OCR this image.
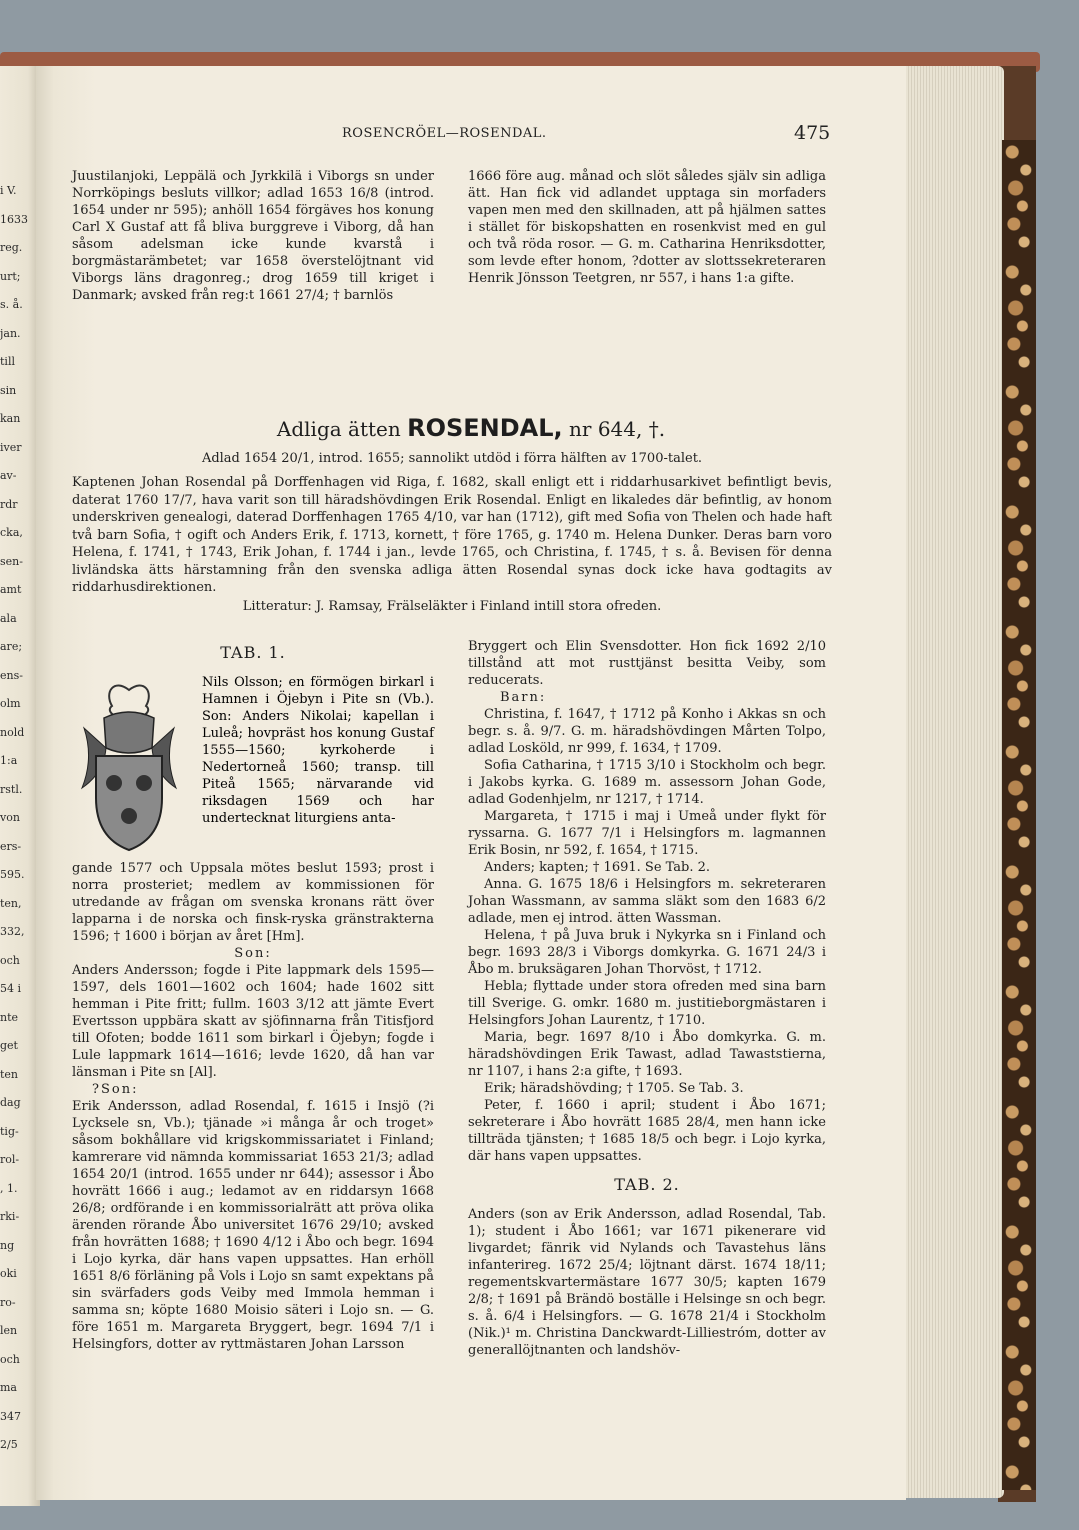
i V.
1633
reg.
urt;
s. å.
jan.
till
sin
kan
iver
av-
rdr
cka,
sen-
amt
ala
are;
ens-
olm
nold
1:a
rstl.
von
ers-
595.
ten,
332,
och
54 i
nte
get
ten
dag
tig-
rol-
, 1.
rki-
ng
oki
ro-
len
och
ma
347
2/5
ROSENCRÖEL—ROSENDAL.	475

Juustilanjoki, Leppälä och Jyrkkilä i Viborgs sn under Norrköpings besluts villkor; adlad 1653 16/8 (introd. 1654 under nr 595); anhöll 1654 förgäves hos konung Carl X Gustaf att få bliva burggreve i Viborg, då han såsom adelsman icke kunde kvarstå i borgmästarämbetet; var 1658 överstelöjtnant vid Viborgs läns dragonreg.; drog 1659 till kriget i Danmark; avsked från reg:t 1661 27/4; † barnlös

1666 före aug. månad och slöt således själv sin adliga ätt. Han fick vid adlandet upptaga sin morfaders vapen men med den skillnaden, att på hjälmen sattes i stället för biskopshatten en rosenkvist med en gul och två röda rosor. — G. m. Catharina Henriksdotter, som levde efter honom, ?dotter av slottssekreteraren Henrik Jönsson Teetgren, nr 557, i hans 1:a gifte.

Adliga ätten ROSENDAL, nr 644, †.
Adlad 1654 20/1, introd. 1655; sannolikt utdöd i förra hälften av 1700-talet.
Kaptenen Johan Rosendal på Dorffenhagen vid Riga, f. 1682, skall enligt ett i riddarhusarkivet befintligt bevis, daterat 1760 17/7, hava varit son till häradshövdingen Erik Rosendal. Enligt en likaledes där befintlig, av honom underskriven genealogi, daterad Dorffenhagen 1765 4/10, var han (1712), gift med Sofia von Thelen och hade haft två barn Sofia, † ogift och Anders Erik, f. 1713, kornett, † före 1765, g. 1740 m. Helena Dunker. Deras barn voro Helena, f. 1741, † 1743, Erik Johan, f. 1744 i jan., levde 1765, och Christina, f. 1745, † s. å. Bevisen för denna livländska ätts härstamning från den svenska adliga ätten Rosendal synas dock icke hava godtagits av riddarhusdirektionen.
Litteratur: J. Ramsay, Frälseläkter i Finland intill stora ofreden.
TAB. 1.
Nils Olsson; en förmögen birkarl i Hamnen i Öjebyn i Pite sn (Vb.). Son: Anders Nikolai; kapellan i Luleå; hovpräst hos konung Gustaf 1555—1560; kyrkoherde i Nedertorneå 1560; transp. till Piteå 1565; närvarande vid riksdagen 1569 och har undertecknat liturgiens anta-

gande 1577 och Uppsala mötes beslut 1593; prost i norra prosteriet; medlem av kommissionen för utredande av frågan om svenska kronans rätt över lapparna i de norska och finsk-ryska gränstrakterna 1596; † 1600 i början av året [Hm].

Son:

Anders Andersson; fogde i Pite lappmark dels 1595—1597, dels 1601—1602 och 1604; hade 1602 sitt hemman i Pite fritt; fullm. 1603 3/12 att jämte Evert Evertsson uppbära skatt av sjöfinnarna från Titisfjord till Ofoten; bodde 1611 som birkarl i Öjebyn; fogde i Lule lappmark 1614—1616; levde 1620, då han var länsman i Pite sn [Al].

?Son:

Erik Andersson, adlad Rosendal, f. 1615 i Insjö (?i Lycksele sn, Vb.); tjänade »i många år och troget» såsom bokhållare vid krigskommissariatet i Finland; kamrerare vid nämnda kommissariat 1653 21/3; adlad 1654 20/1 (introd. 1655 under nr 644); assessor i Åbo hovrätt 1666 i aug.; ledamot av en riddarsyn 1668 26/8; ordförande i en kommissorialrätt att pröva olika ärenden rörande Åbo universitet 1676 29/10; avsked från hovrätten 1688; † 1690 4/12 i Åbo och begr. 1694 i Lojo kyrka, där hans vapen uppsattes. Han erhöll 1651 8/6 förläning på Vols i Lojo sn samt expektans på sin svärfaders gods Veiby med Immola hemman i samma sn; köpte 1680 Moisio säteri i Lojo sn. — G. före 1651 m. Margareta Bryggert, begr. 1694 7/1 i Helsingfors, dotter av ryttmästaren Johan Larsson

Bryggert och Elin Svensdotter. Hon fick 1692 2/10 tillstånd att mot rusttjänst besitta Veiby, som reducerats.

Barn:

Christina, f. 1647, † 1712 på Konho i Akkas sn och begr. s. å. 9/7. G. m. häradshövdingen Mårten Tolpo, adlad Losköld, nr 999, f. 1634, † 1709.

Sofia Catharina, † 1715 3/10 i Stockholm och begr. i Jakobs kyrka. G. 1689 m. assessorn Johan Gode, adlad Godenhjelm, nr 1217, † 1714.

Margareta, † 1715 i maj i Umeå under flykt för ryssarna. G. 1677 7/1 i Helsingfors m. lagmannen Erik Bosin, nr 592, f. 1654, † 1715.

Anders; kapten; † 1691. Se Tab. 2.

Anna. G. 1675 18/6 i Helsingfors m. sekreteraren Johan Wassmann, av samma släkt som den 1683 6/2 adlade, men ej introd. ätten Wassman.

Helena, † på Juva bruk i Nykyrka sn i Finland och begr. 1693 28/3 i Viborgs domkyrka. G. 1671 24/3 i Åbo m. bruksägaren Johan Thorvöst, † 1712.

Hebla; flyttade under stora ofreden med sina barn till Sverige. G. omkr. 1680 m. justitieborgmästaren i Helsingfors Johan Laurentz, † 1710.

Maria, begr. 1697 8/10 i Åbo domkyrka. G. m. häradshövdingen Erik Tawast, adlad Tawaststierna, nr 1107, i hans 2:a gifte, † 1693.

Erik; häradshövding; † 1705. Se Tab. 3.

Peter, f. 1660 i april; student i Åbo 1671; sekreterare i Åbo hovrätt 1685 28/4, men hann icke tillträda tjänsten; † 1685 18/5 och begr. i Lojo kyrka, där hans vapen uppsattes.

TAB. 2.

Anders (son av Erik Andersson, adlad Rosendal, Tab. 1); student i Åbo 1661; var 1671 pikenerare vid livgardet; fänrik vid Nylands och Tavastehus läns infanterireg. 1672 25/4; löjtnant därst. 1674 18/11; regementskvartermästare 1677 30/5; kapten 1679 2/8; † 1691 på Brändö boställe i Helsinge sn och begr. s. å. 6/4 i Helsingfors. — G. 1678 21/4 i Stockholm (Nik.)¹ m. Christina Danckwardt-Lilliestróm, dotter av generallöjtnanten och landshöv-
